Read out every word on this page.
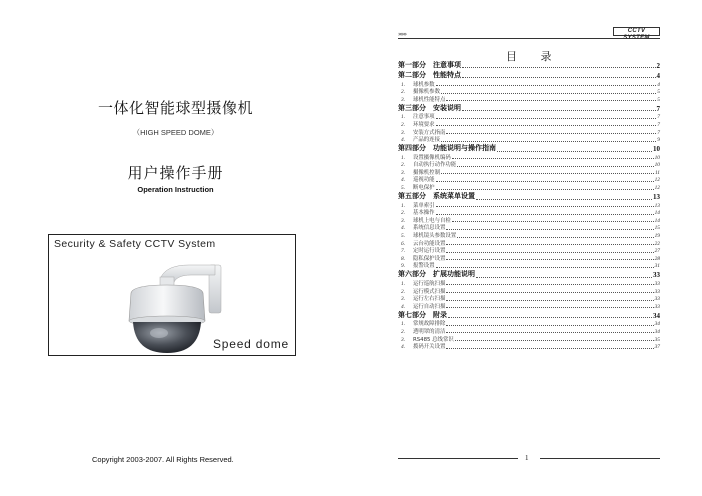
一体化智能球型摄像机
（HIGH SPEED DOME）
用户操作手册
Operation Instruction
Security & Safety CCTV System
Speed dome
Copyright 2003-2007. All Rights Reserved.
»»»	CCTV SYSTEM
目 录
第一部分　注意事项	2
第二部分　性能特点	4
1.	球机参数	4
2.	摄像机参数	5
3.	球机性能特点	5
第三部分　安装说明	7
1.	注意事项	7
2.	环境要求	7
3.	安装方式指南	7
4.	产品的连接	9
第四部分　功能说明与操作指南	10
1.	设置摄像机编码	10
2.	自动执行动作功能	10
3.	摄像机控制	11
4.	巡视功能	12
5.	断电保护	12
第五部分　系统菜单设置	13
1.	菜单索引	13
2.	基本操作	14
3.	球机上电与自检	14
4.	系统信息设置	15
5.	球机镜头参数设置	19
6.	云台功能设置	22
7.	定时运行设置	27
8.	隐私保护设置	28
9.	报警设置	31
第六部分　扩展功能说明	33
1.	运行巡航扫描	33
2.	运行模式扫描	33
3.	运行左右扫描	33
4.	运行自动扫描	33
第七部分　附录	34
1.	常规故障排除	34
2.	透明罩的清洁	34
3.	RS485 总线常识	35
4.	拨码开关设置	37
1
